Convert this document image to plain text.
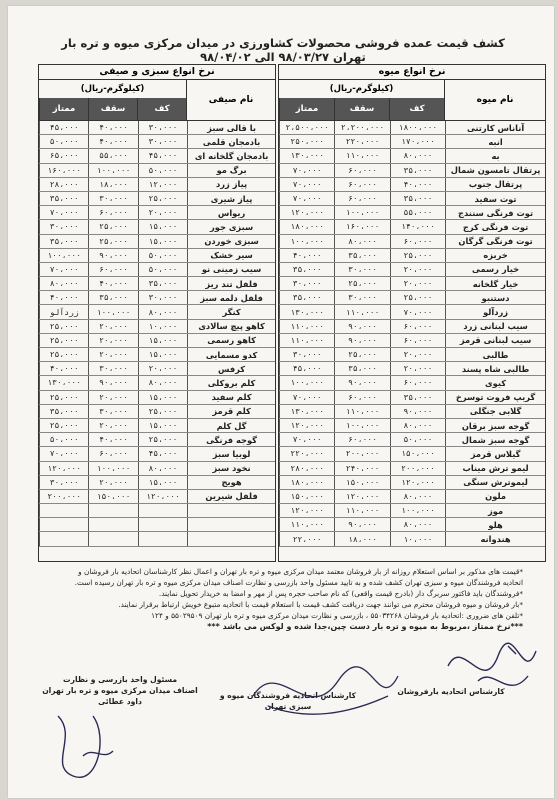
کشف قیمت عمده فروشی محصولات کشاورزی در میدان مرکزی میوه و تره بار تهران ۹۸/۰۳/۲۷ الی ۹۸/۰۴/۰۲
نرخ انواع میوه
نام میوه
(کیلوگرم-ریال)
کف
سقف
ممتاز
آناناس کارتنی
۱۸۰۰،۰۰۰
۲،۲۰۰،۰۰۰
۲،۵۰۰،۰۰۰
انبه
۱۷۰،۰۰۰
۲۲۰،۰۰۰
۲۵۰،۰۰۰
به
۸۰،۰۰۰
۱۱۰،۰۰۰
۱۳۰،۰۰۰
پرتقال تامسون شمال
۳۵،۰۰۰
۶۰،۰۰۰
۷۰،۰۰۰
پرتقال جنوب
۴۰،۰۰۰
۶۰،۰۰۰
۷۰،۰۰۰
توت سفید
۳۵،۰۰۰
۶۰،۰۰۰
۷۰،۰۰۰
توت فرنگی سنندج
۵۵،۰۰۰
۱۰۰،۰۰۰
۱۲۰،۰۰۰
توت فرنگی کرج
۱۴۰،۰۰۰
۱۶۰،۰۰۰
۱۸۰،۰۰۰
توت فرنگی گرگان
۶۰،۰۰۰
۸۰،۰۰۰
۱۰۰،۰۰۰
خربزه
۲۵،۰۰۰
۳۵،۰۰۰
۴۰،۰۰۰
خیار رسمی
۲۰،۰۰۰
۳۰،۰۰۰
۳۵،۰۰۰
خیار گلخانه
۲۰،۰۰۰
۲۵،۰۰۰
۳۰،۰۰۰
دستنبو
۲۵،۰۰۰
۳۰،۰۰۰
۳۵،۰۰۰
زردآلو
۷۰،۰۰۰
۱۱۰،۰۰۰
۱۳۰،۰۰۰
سیب لبنانی زرد
۶۰،۰۰۰
۹۰،۰۰۰
۱۱۰،۰۰۰
سیب لبنانی قرمز
۶۰،۰۰۰
۹۰،۰۰۰
۱۱۰،۰۰۰
طالبی
۲۰،۰۰۰
۲۵،۰۰۰
۳۰،۰۰۰
طالبی شاه پسند
۲۰،۰۰۰
۳۵،۰۰۰
۴۵،۰۰۰
کیوی
۶۰،۰۰۰
۹۰،۰۰۰
۱۰۰،۰۰۰
گریپ فروت توسرخ
۳۵،۰۰۰
۶۰،۰۰۰
۷۰،۰۰۰
گلابی جنگلی
۹۰،۰۰۰
۱۱۰،۰۰۰
۱۳۰،۰۰۰
گوجه سبز برقان
۸۰،۰۰۰
۱۰۰،۰۰۰
۱۲۰،۰۰۰
گوجه سبز شمال
۵۰،۰۰۰
۶۰،۰۰۰
۷۰،۰۰۰
گیلاس قرمز
۱۵۰،۰۰۰
۲۰۰،۰۰۰
۲۲۰،۰۰۰
لیمو ترش میناب
۲۰۰،۰۰۰
۲۴۰،۰۰۰
۲۸۰،۰۰۰
لیموترش سنگی
۱۲۰،۰۰۰
۱۵۰،۰۰۰
۱۸۰،۰۰۰
ملون
۸۰،۰۰۰
۱۲۰،۰۰۰
۱۵۰،۰۰۰
موز
۱۰۰،۰۰۰
۱۱۰،۰۰۰
۱۲۰،۰۰۰
هلو
۸۰،۰۰۰
۹۰،۰۰۰
۱۱۰،۰۰۰
هندوانه
۱۰،۰۰۰
۱۸،۰۰۰
۲۲،۰۰۰
نرخ انواع سبزی و صیفی
نام صیفی
(کیلوگرم-ریال)
کف
سقف
ممتاز
با قالی سبز
۳۰،۰۰۰
۴۰،۰۰۰
۴۵،۰۰۰
بادمجان قلمی
۳۰،۰۰۰
۴۰،۰۰۰
۵۰،۰۰۰
بادمجان گلخانه ای
۴۵،۰۰۰
۵۵،۰۰۰
۶۵،۰۰۰
برگ مو
۵۰،۰۰۰
۱۰۰،۰۰۰
۱۶۰،۰۰۰
پیاز زرد
۱۲،۰۰۰
۱۸،۰۰۰
۲۸،۰۰۰
پیاز شیری
۲۵،۰۰۰
۳۰،۰۰۰
۳۵،۰۰۰
ریواس
۲۰،۰۰۰
۶۰،۰۰۰
۷۰،۰۰۰
سبزی جور
۱۵،۰۰۰
۲۵،۰۰۰
۳۰،۰۰۰
سبزی خوردن
۱۵،۰۰۰
۲۵،۰۰۰
۳۵،۰۰۰
سیر خشک
۵۰،۰۰۰
۹۰،۰۰۰
۱۰۰،۰۰۰
سیب زمینی نو
۵۰،۰۰۰
۶۰،۰۰۰
۷۰،۰۰۰
فلفل تند ریز
۳۵،۰۰۰
۴۰،۰۰۰
۸۰،۰۰۰
فلفل دلمه سبز
۳۰،۰۰۰
۳۵،۰۰۰
۴۰،۰۰۰
کنگر
۸۰،۰۰۰
۱۰۰،۰۰۰
زردآلو
کاهو پیچ سالادی
۱۰،۰۰۰
۲۰،۰۰۰
۲۵،۰۰۰
کاهو رسمی
۱۵،۰۰۰
۲۰،۰۰۰
۲۵،۰۰۰
کدو مسمایی
۱۵،۰۰۰
۲۰،۰۰۰
۲۵،۰۰۰
کرفس
۲۰،۰۰۰
۳۰،۰۰۰
۴۰،۰۰۰
کلم بروکلی
۸۰،۰۰۰
۹۰،۰۰۰
۱۳۰،۰۰۰
کلم سفید
۱۵،۰۰۰
۲۰،۰۰۰
۲۵،۰۰۰
کلم قرمز
۲۵،۰۰۰
۳۰،۰۰۰
۳۵،۰۰۰
گل کلم
۱۵،۰۰۰
۲۰،۰۰۰
۲۵،۰۰۰
گوجه فرنگی
۲۵،۰۰۰
۴۰،۰۰۰
۵۰،۰۰۰
لوبیا سبز
۴۵،۰۰۰
۶۰،۰۰۰
۷۰،۰۰۰
نخود سبز
۸۰،۰۰۰
۱۰۰،۰۰۰
۱۲۰،۰۰۰
هویج
۱۵،۰۰۰
۲۰،۰۰۰
۳۰،۰۰۰
فلفل شیرین
۱۲۰،۰۰۰
۱۵۰،۰۰۰
۲۰۰،۰۰۰
*قیمت های مذکور بر اساس استعلام روزانه از بار فروشان معتمد میدان مرکزی میوه و تره بار تهران و اعمال نظر کارشناسان اتحادیه بار فروشان و
اتحادیه فروشندگان میوه و سبزی تهران کشف شده و به تایید مسئول واحد بازرسی و نظارت اصناف میدان مرکزی میوه و تره بار تهران رسیده است.
*فروشندگان باید فاکتور سربرگ دار (بادرج قیمت واقعی) که نام صاحب حجره پس از مهر و امضا به خریدار تحویل نمایند.
*بار فروشان و میوه فروشان محترم می توانند جهت دریافت کشف قیمت با استعلام قیمت با اتحادیه متبوع خویش ارتباط برقرار نمایند.
*تلفن های ضروری :اتحادیه بار فروشان ۵۵۰۳۴۲۶۸ ، بازرسی و نظارت میدان مرکزی میوه و تره بار تهران ۵۵۰۲۹۵۰۹ و ۱۲۴
***نرخ ممتاز ،مربوط به میوه و تره بار دست چین،جدا شده و لوکس می باشد ***
کارشناس اتحادیه بارفروشان
کارشناس اتحادیه فروشندگان میوه و سبزی تهران
مسئول واحد بازرسی و نظارت
اصناف میدان مرکزی میوه و تره بار تهران
داود عطائی
